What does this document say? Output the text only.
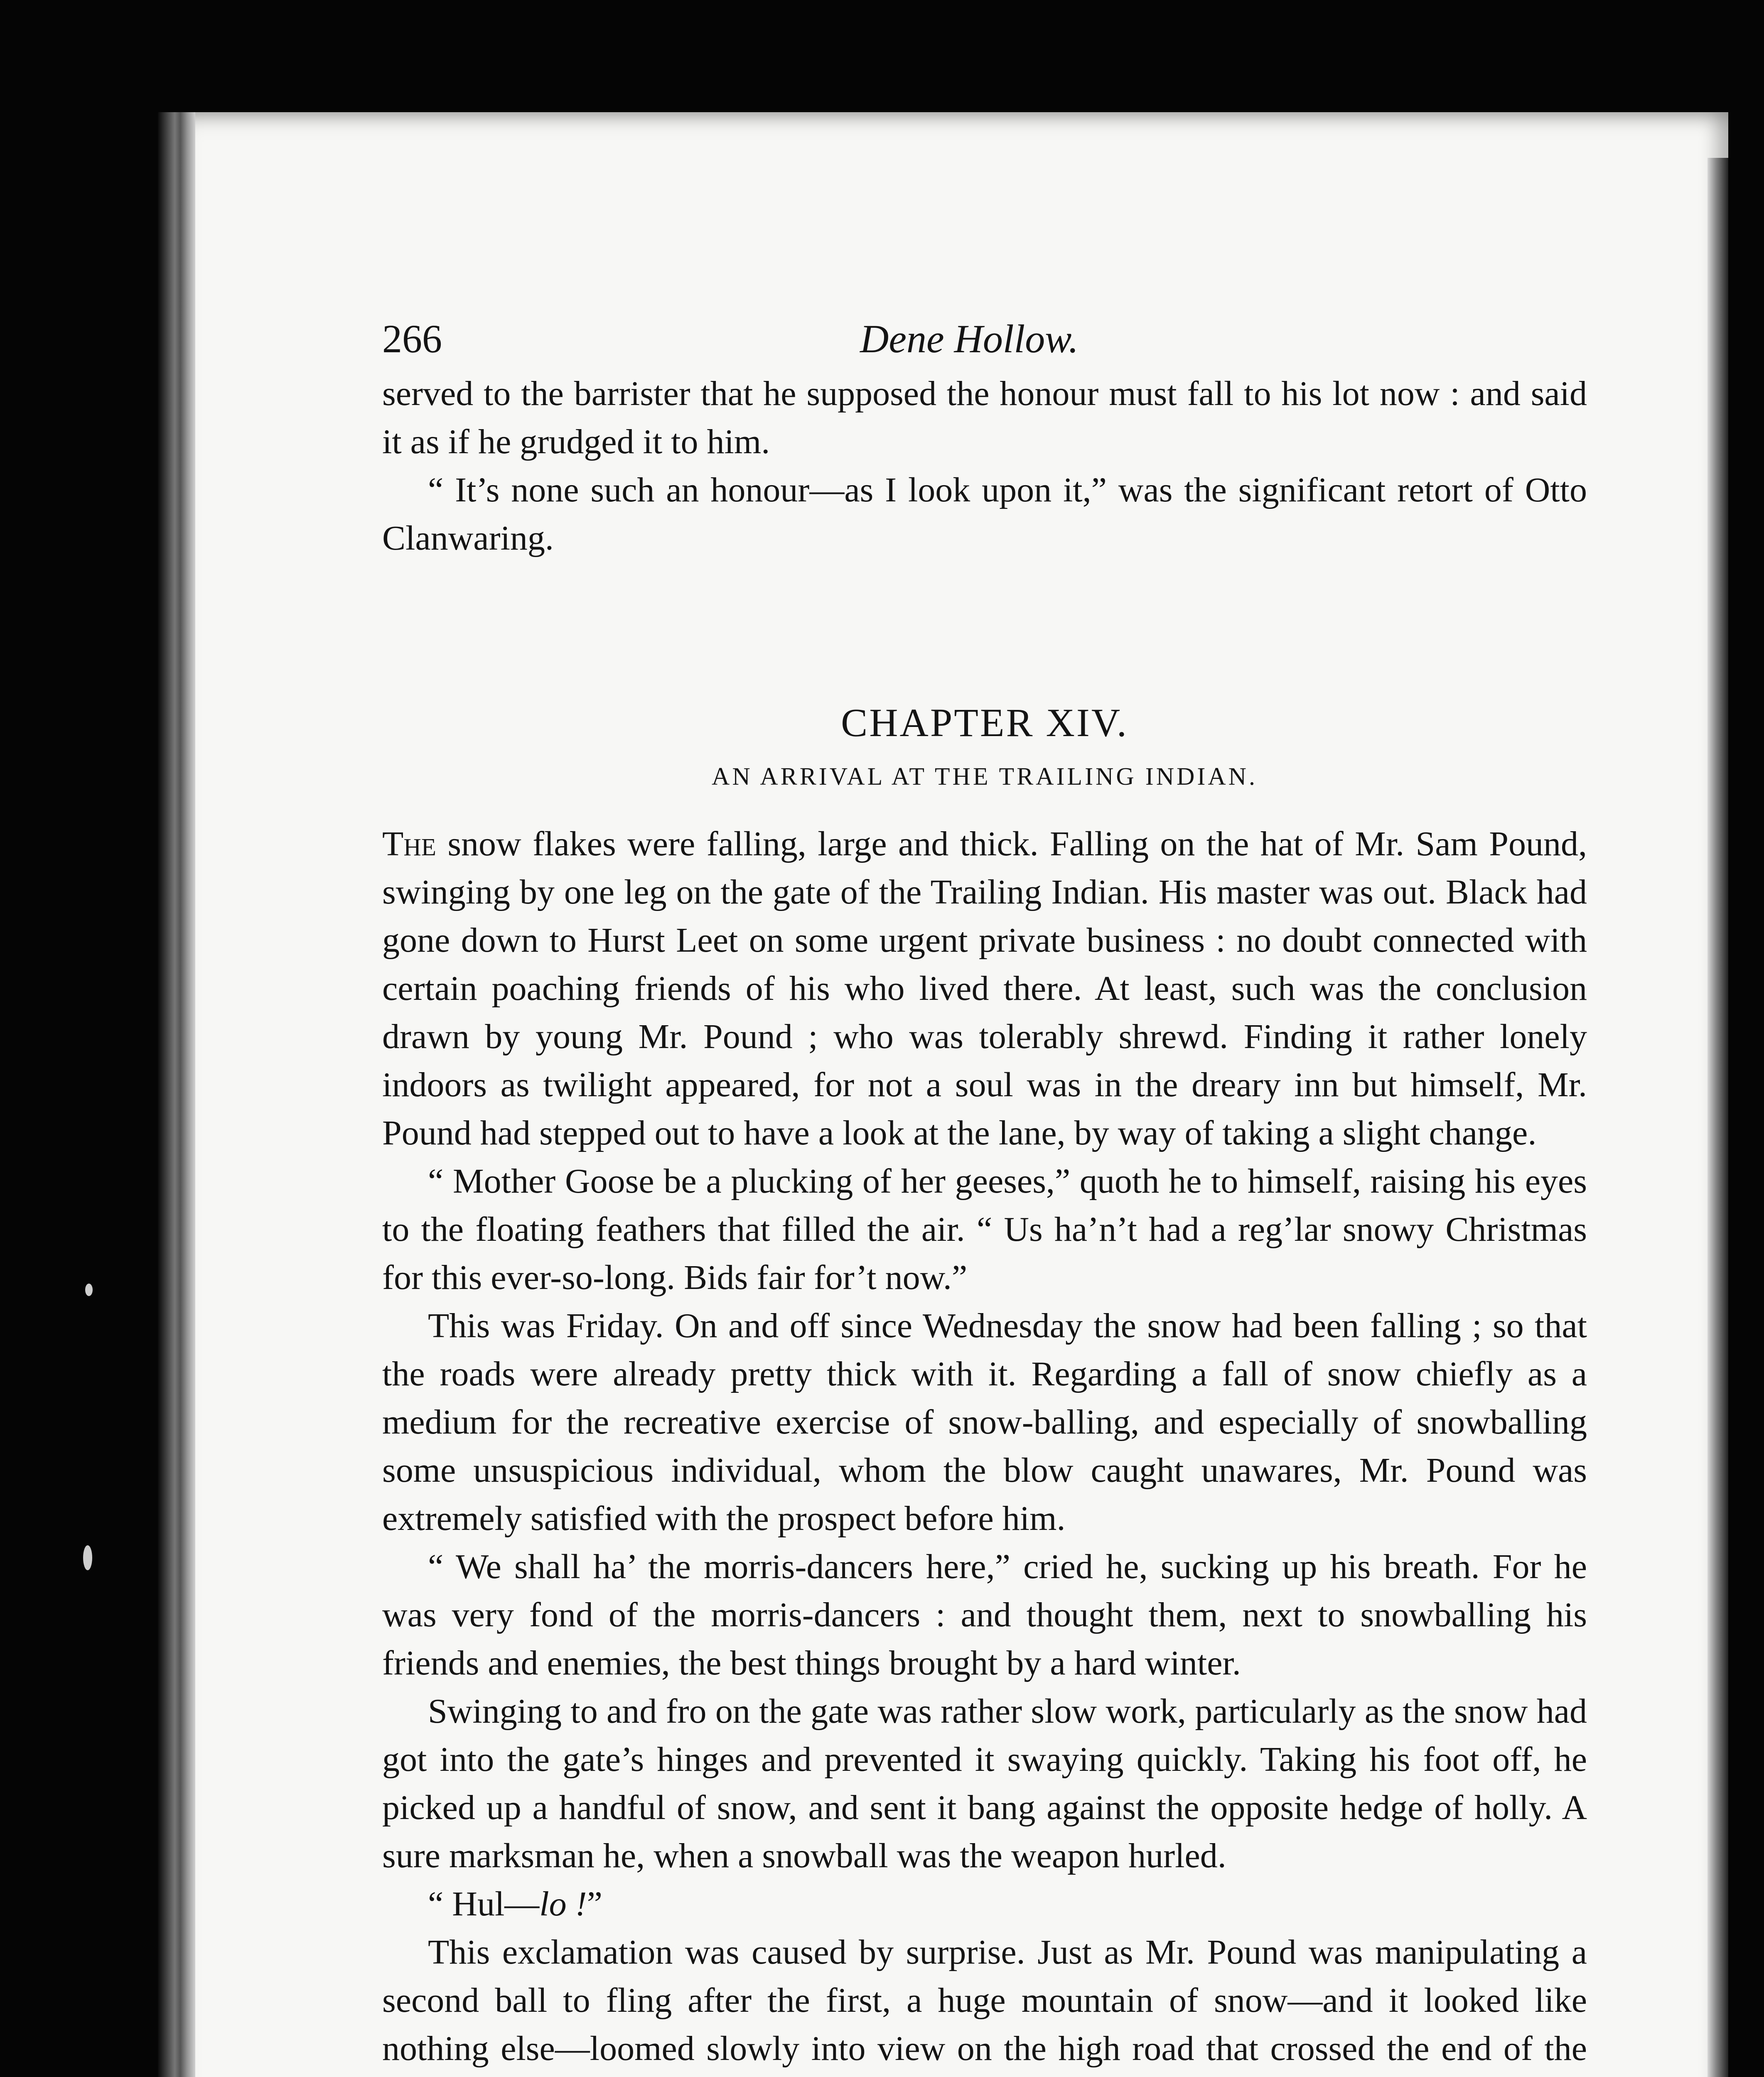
266	Dene Hollow.

served to the barrister that he supposed the honour must fall to his lot now : and said it as if he grudged it to him.

“ It’s none such an honour—as I look upon it,” was the significant retort of Otto Clanwaring.

CHAPTER XIV.
AN ARRIVAL AT THE TRAILING INDIAN.

The snow flakes were falling, large and thick. Falling on the hat of Mr. Sam Pound, swinging by one leg on the gate of the Trailing Indian. His master was out. Black had gone down to Hurst Leet on some urgent private business : no doubt connected with certain poaching friends of his who lived there. At least, such was the conclusion drawn by young Mr. Pound ; who was tolerably shrewd. Finding it rather lonely indoors as twilight appeared, for not a soul was in the dreary inn but himself, Mr. Pound had stepped out to have a look at the lane, by way of taking a slight change.

“ Mother Goose be a plucking of her geeses,” quoth he to himself, raising his eyes to the floating feathers that filled the air. “ Us ha’n’t had a reg’lar snowy Christmas for this ever-so-long. Bids fair for’t now.”

This was Friday. On and off since Wednesday the snow had been falling ; so that the roads were already pretty thick with it. Regarding a fall of snow chiefly as a medium for the recreative exercise of snow-balling, and especially of snowballing some unsuspicious individual, whom the blow caught unawares, Mr. Pound was extremely satisfied with the prospect before him.

“ We shall ha’ the morris-dancers here,” cried he, sucking up his breath. For he was very fond of the morris-dancers : and thought them, next to snowballing his friends and enemies, the best things brought by a hard winter.

Swinging to and fro on the gate was rather slow work, particularly as the snow had got into the gate’s hinges and prevented it swaying quickly. Taking his foot off, he picked up a handful of snow, and sent it bang against the opposite hedge of holly. A sure marksman he, when a snowball was the weapon hurled.

“ Hul—lo !”

This exclamation was caused by surprise. Just as Mr. Pound was manipulating a second ball to fling after the first, a huge mountain of snow—and it looked like nothing else—loomed slowly into view on the high road that crossed the end of the
